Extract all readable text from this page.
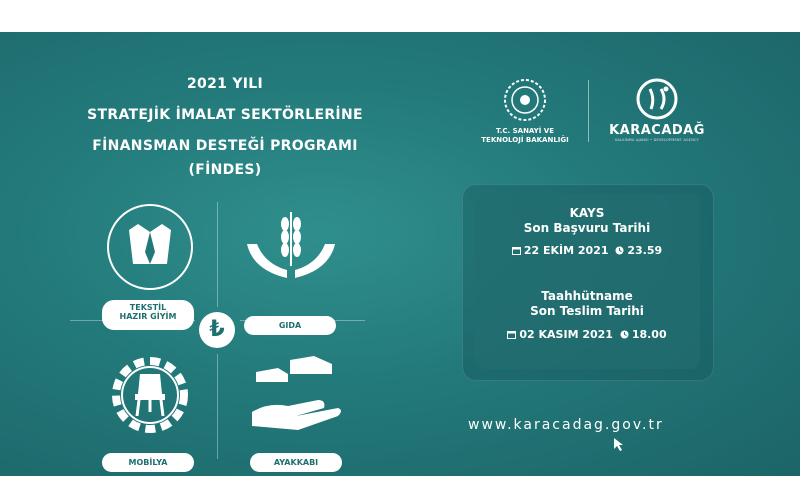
2021 YILI
STRATEJİK İMALAT SEKTÖRLERİNE
FİNANSMAN DESTEĞİ PROGRAMI
(FİNDES)
T.C. SANAYİ VE
TEKNOLOJİ BAKANLIĞI
KARACADAĞ
KALKINMA AJANSI • DEVELOPMENT AGENCY
TEKSTİL
HAZIR GİYİM
GIDA
₺
MOBİLYA	AYAKKABI
KAYS
Son Başvuru Tarihi
22 EKİM 2021 23.59
Taahhütname
Son Teslim Tarihi
02 KASIM 2021 18.00
www.karacadag.gov.tr
